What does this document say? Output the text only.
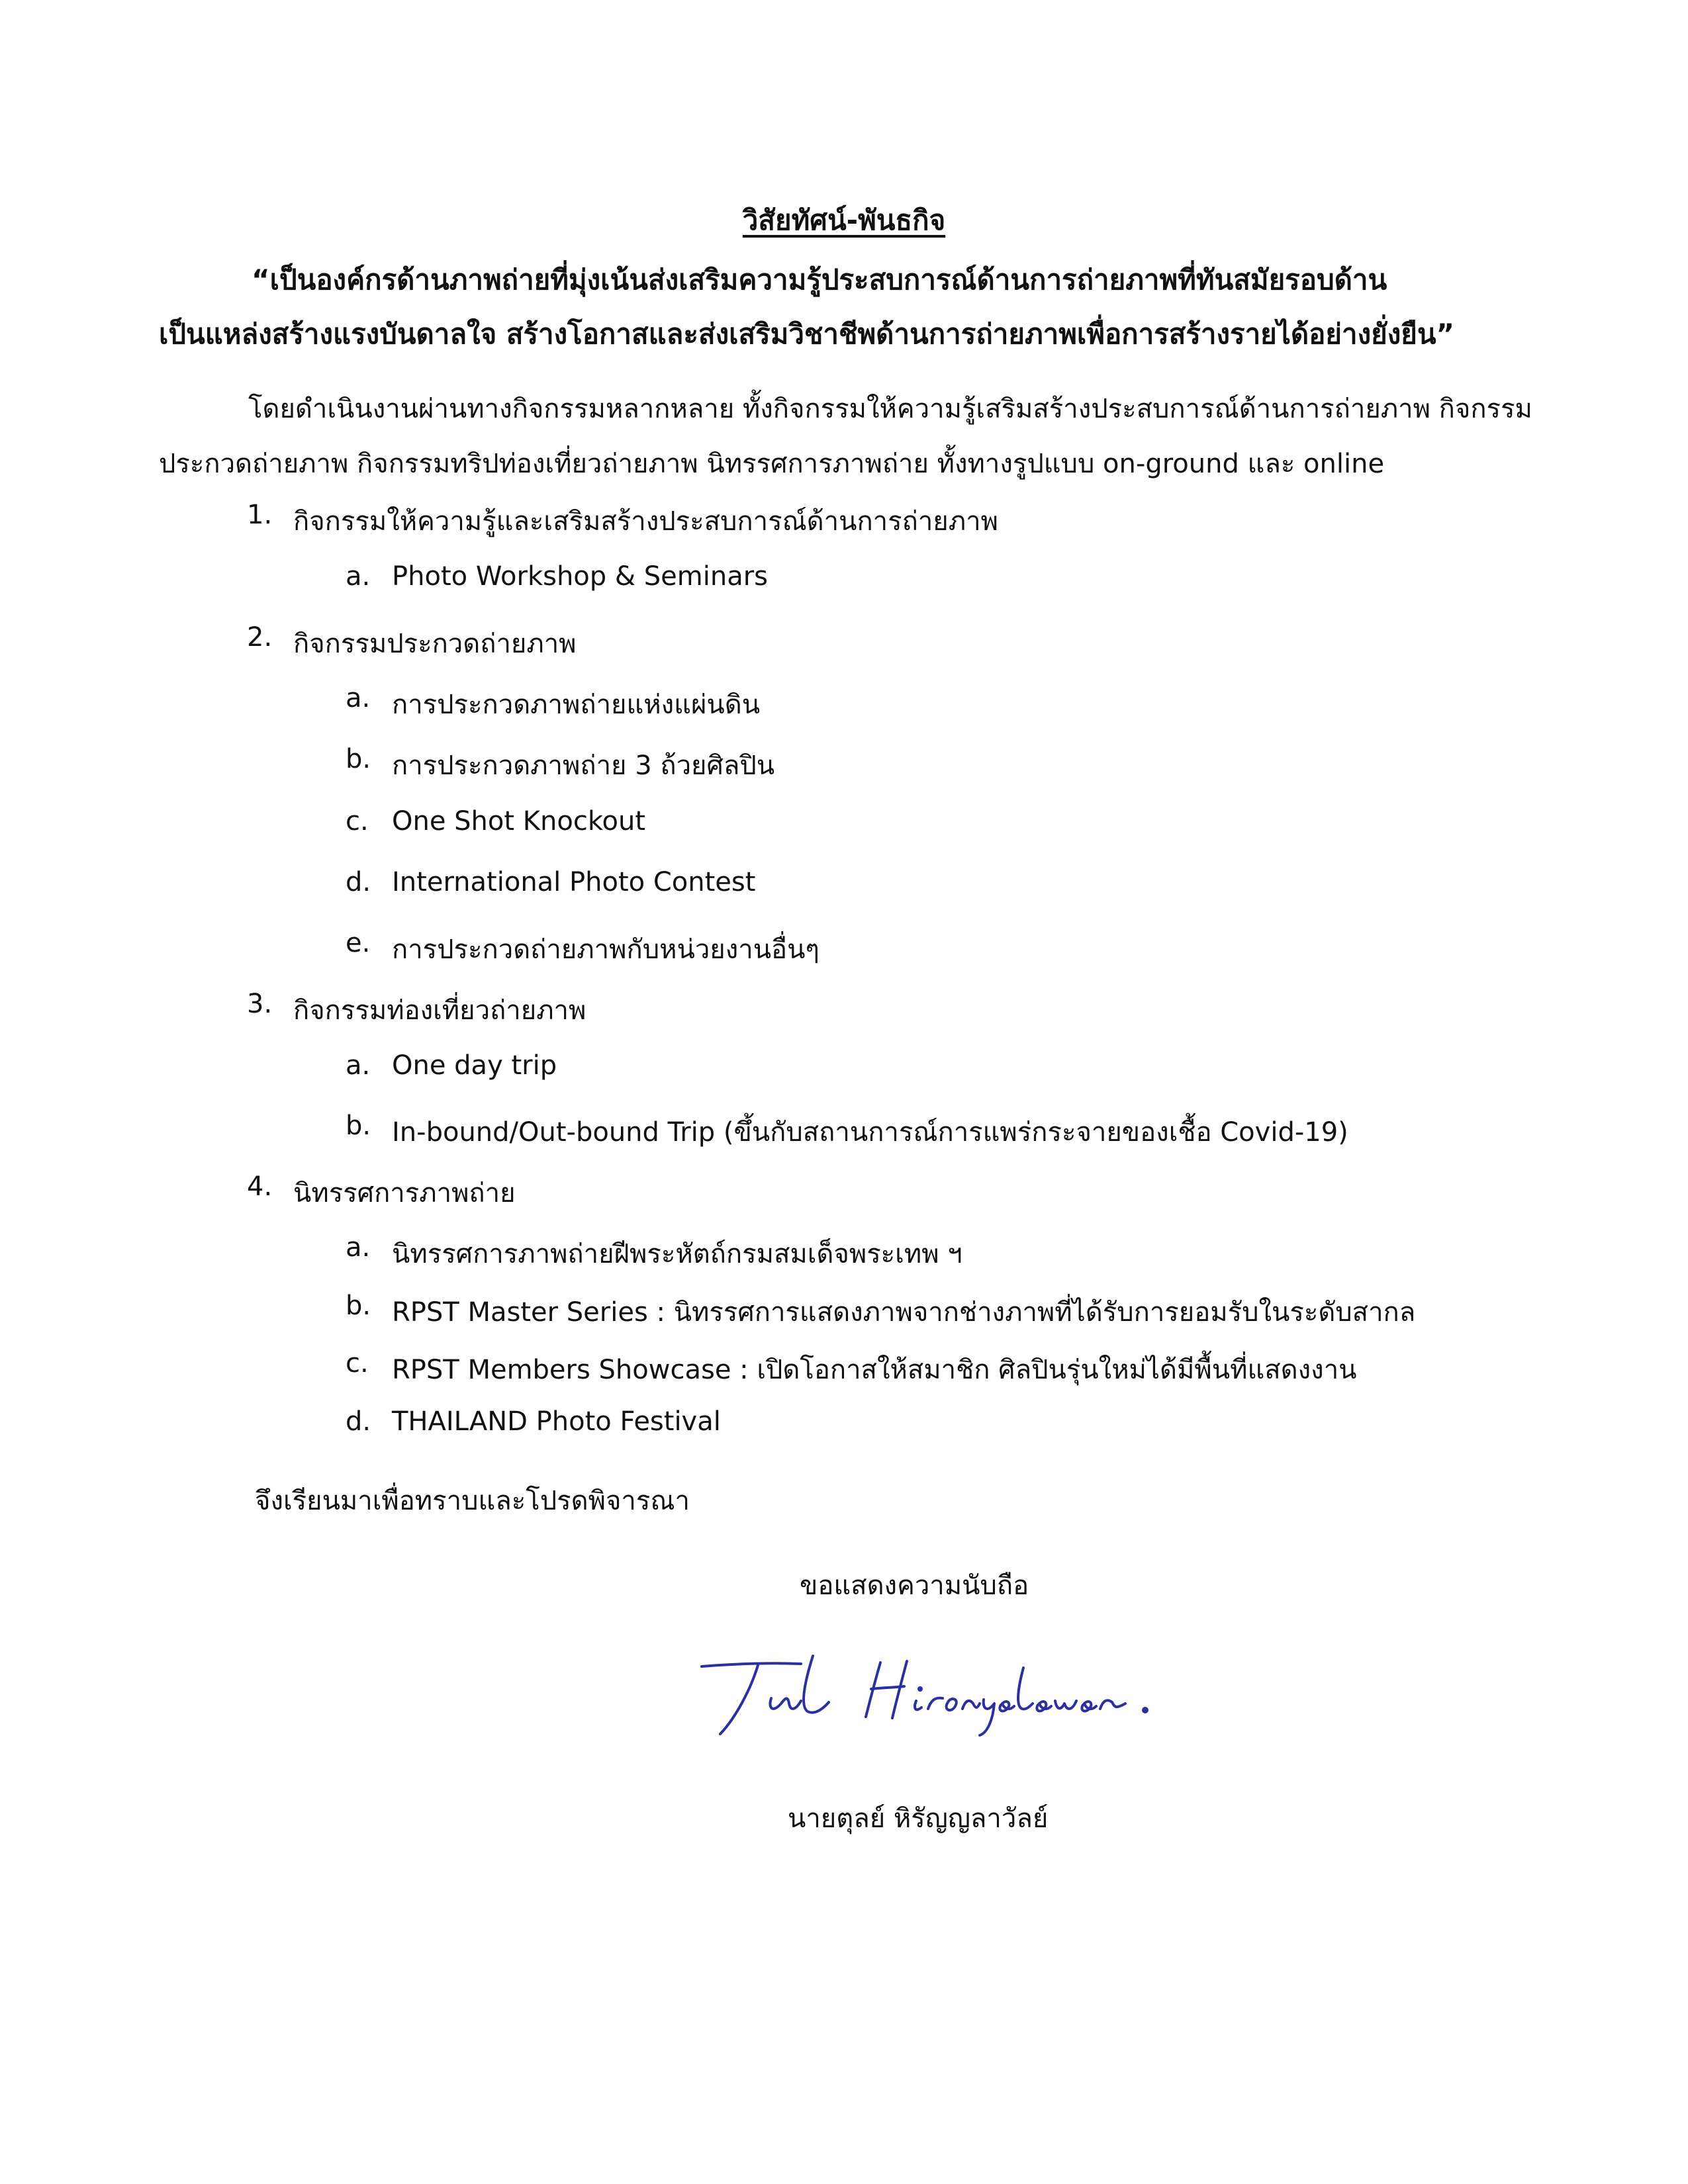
วิสัยทัศน์-พันธกิจ
“เป็นองค์กรด้านภาพถ่ายที่มุ่งเน้นส่งเสริมความรู้ประสบการณ์ด้านการถ่ายภาพที่ทันสมัยรอบด้าน
เป็นแหล่งสร้างแรงบันดาลใจ สร้างโอกาสและส่งเสริมวิชาชีพด้านการถ่ายภาพเพื่อการสร้างรายได้อย่างยั่งยืน”
โดยดำเนินงานผ่านทางกิจกรรมหลากหลาย ทั้งกิจกรรมให้ความรู้เสริมสร้างประสบการณ์ด้านการถ่ายภาพ กิจกรรม
ประกวดถ่ายภาพ กิจกรรมทริปท่องเที่ยวถ่ายภาพ นิทรรศการภาพถ่าย ทั้งทางรูปแบบ on-ground และ online
1. กิจกรรมให้ความรู้และเสริมสร้างประสบการณ์ด้านการถ่ายภาพ
a. Photo Workshop & Seminars
2. กิจกรรมประกวดถ่ายภาพ
a. การประกวดภาพถ่ายแห่งแผ่นดิน
b. การประกวดภาพถ่าย 3 ถ้วยศิลปิน
c. One Shot Knockout
d. International Photo Contest
e. การประกวดถ่ายภาพกับหน่วยงานอื่นๆ
3. กิจกรรมท่องเที่ยวถ่ายภาพ
a. One day trip
b. In-bound/Out-bound Trip (ขึ้นกับสถานการณ์การแพร่กระจายของเชื้อ Covid-19)
4. นิทรรศการภาพถ่าย
a. นิทรรศการภาพถ่ายฝีพระหัตถ์กรมสมเด็จพระเทพ ฯ
b. RPST Master Series : นิทรรศการแสดงภาพจากช่างภาพที่ได้รับการยอมรับในระดับสากล
c. RPST Members Showcase : เปิดโอกาสให้สมาชิก ศิลปินรุ่นใหม่ได้มีพื้นที่แสดงงาน
d. THAILAND Photo Festival
จึงเรียนมาเพื่อทราบและโปรดพิจารณา
ขอแสดงความนับถือ
นายตุลย์ หิรัญญลาวัลย์
